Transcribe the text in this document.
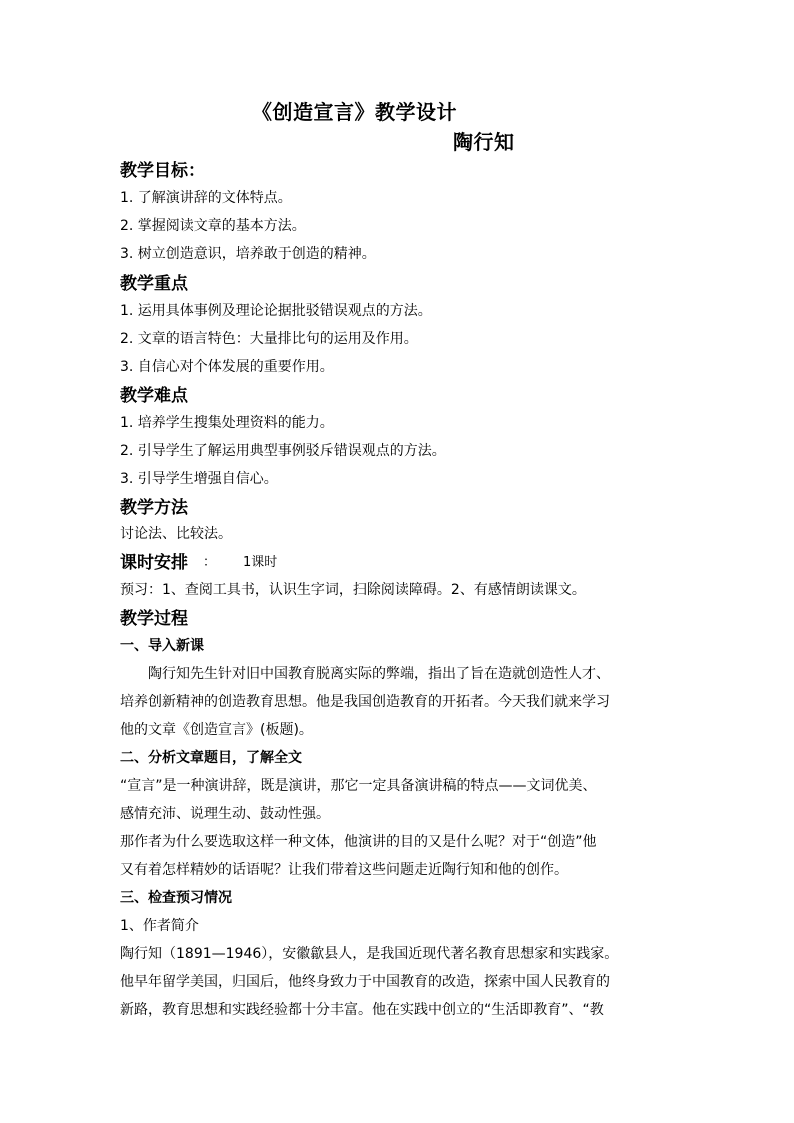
《创造宣言》教学设计
陶行知
教学目标：
1. 了解演讲辞的文体特点。
2. 掌握阅读文章的基本方法。
3. 树立创造意识，培养敢于创造的精神。
教学重点
1. 运用具体事例及理论论据批驳错误观点的方法。
2. 文章的语言特色：大量排比句的运用及作用。
3. 自信心对个体发展的重要作用。
教学难点
1. 培养学生搜集处理资料的能力。
2. 引导学生了解运用典型事例驳斥错误观点的方法。
3. 引导学生增强自信心。
教学方法
讨论法、比较法。
课时安排 ： 1课时
预习：1、查阅工具书，认识生字词，扫除阅读障碍。2、有感情朗读课文。
教学过程
一、导入新课
陶行知先生针对旧中国教育脱离实际的弊端，指出了旨在造就创造性人才、
培养创新精神的创造教育思想。他是我国创造教育的开拓者。今天我们就来学习
他的文章《创造宣言》(板题)。
二、分析文章题目，了解全文
“宣言”是一种演讲辞，既是演讲，那它一定具备演讲稿的特点——文词优美、
感情充沛、说理生动、鼓动性强。
那作者为什么要选取这样一种文体，他演讲的目的又是什么呢？对于“创造”他
又有着怎样精妙的话语呢？让我们带着这些问题走近陶行知和他的创作。
三、检查预习情况
1、作者简介
陶行知（1891—1946），安徽歙县人，是我国近现代著名教育思想家和实践家。
他早年留学美国，归国后，他终身致力于中国教育的改造，探索中国人民教育的
新路，教育思想和实践经验都十分丰富。他在实践中创立的“生活即教育”、“教
